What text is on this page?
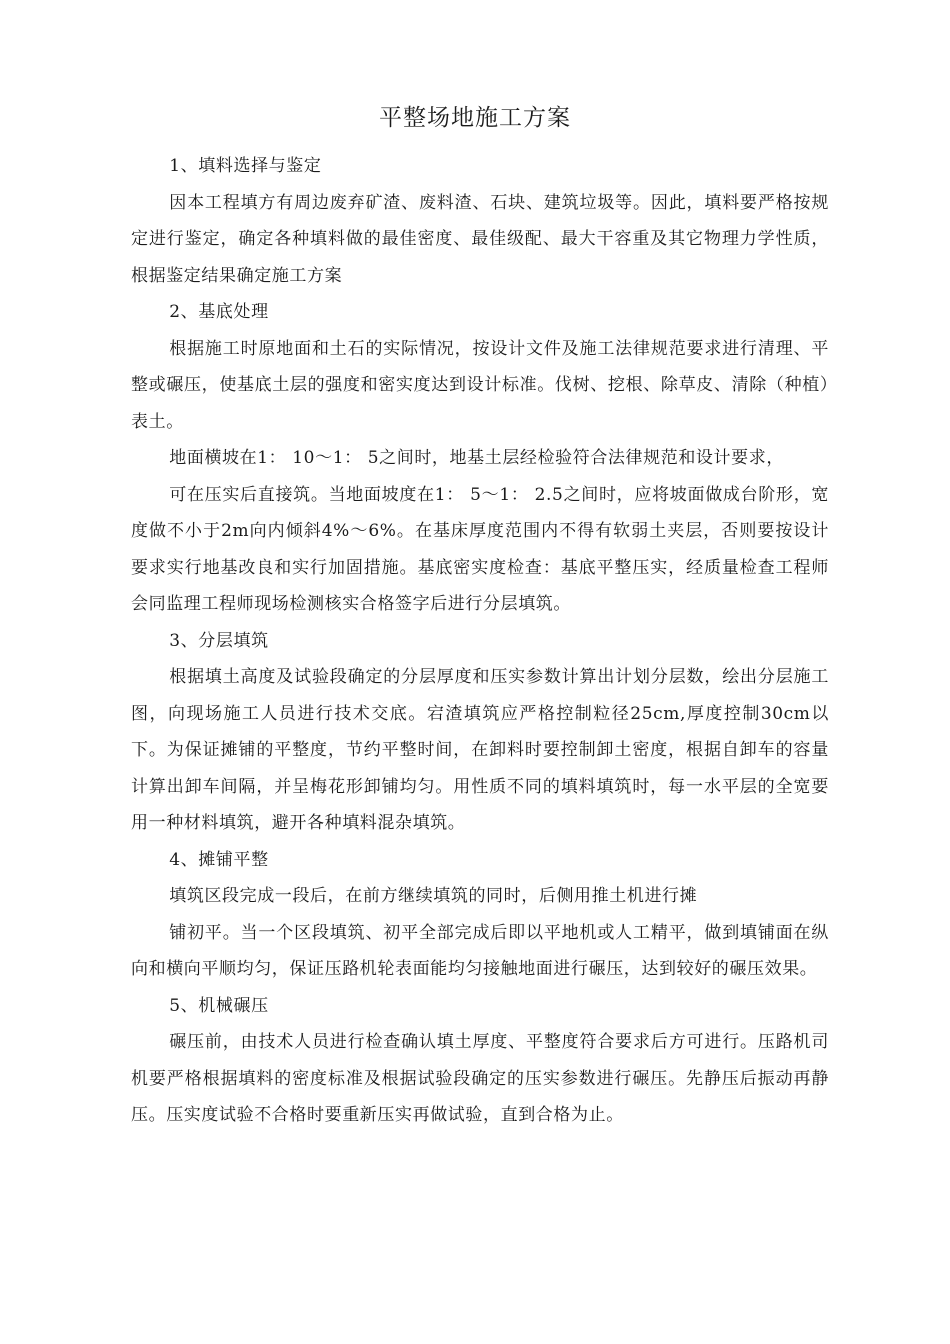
平整场地施工方案

1、填料选择与鉴定

因本工程填方有周边废弃矿渣、废料渣、石块、建筑垃圾等。因此，填料要严格按规定进行鉴定，确定各种填料做的最佳密度、最佳级配、最大干容重及其它物理力学性质，根据鉴定结果确定施工方案

2、基底处理

根据施工时原地面和土石的实际情况，按设计文件及施工法律规范要求进行清理、平整或碾压，使基底土层的强度和密实度达到设计标准。伐树、挖根、除草皮、清除（种植）表土。

地面横坡在1： 10〜1： 5之间时，地基土层经检验符合法律规范和设计要求，

可在压实后直接筑。当地面坡度在1： 5〜1： 2.5之间时，应将坡面做成台阶形，宽度做不小于2m向内倾斜4%〜6%。在基床厚度范围内不得有软弱土夹层，否则要按设计要求实行地基改良和实行加固措施。基底密实度检查：基底平整压实，经质量检查工程师会同监理工程师现场检测核实合格签字后进行分层填筑。

3、分层填筑

根据填土高度及试验段确定的分层厚度和压实参数计算出计划分层数，绘出分层施工图，向现场施工人员进行技术交底。宕渣填筑应严格控制粒径25cm,厚度控制30cm以下。为保证摊铺的平整度，节约平整时间，在卸料时要控制卸土密度，根据自卸车的容量计算出卸车间隔，并呈梅花形卸铺均匀。用性质不同的填料填筑时，每一水平层的全宽要用一种材料填筑，避开各种填料混杂填筑。

4、摊铺平整

填筑区段完成一段后，在前方继续填筑的同时，后侧用推土机进行摊

铺初平。当一个区段填筑、初平全部完成后即以平地机或人工精平，做到填铺面在纵向和横向平顺均匀，保证压路机轮表面能均匀接触地面进行碾压，达到较好的碾压效果。

5、机械碾压

碾压前，由技术人员进行检查确认填土厚度、平整度符合要求后方可进行。压路机司机要严格根据填料的密度标准及根据试验段确定的压实参数进行碾压。先静压后振动再静压。压实度试验不合格时要重新压实再做试验，直到合格为止。
